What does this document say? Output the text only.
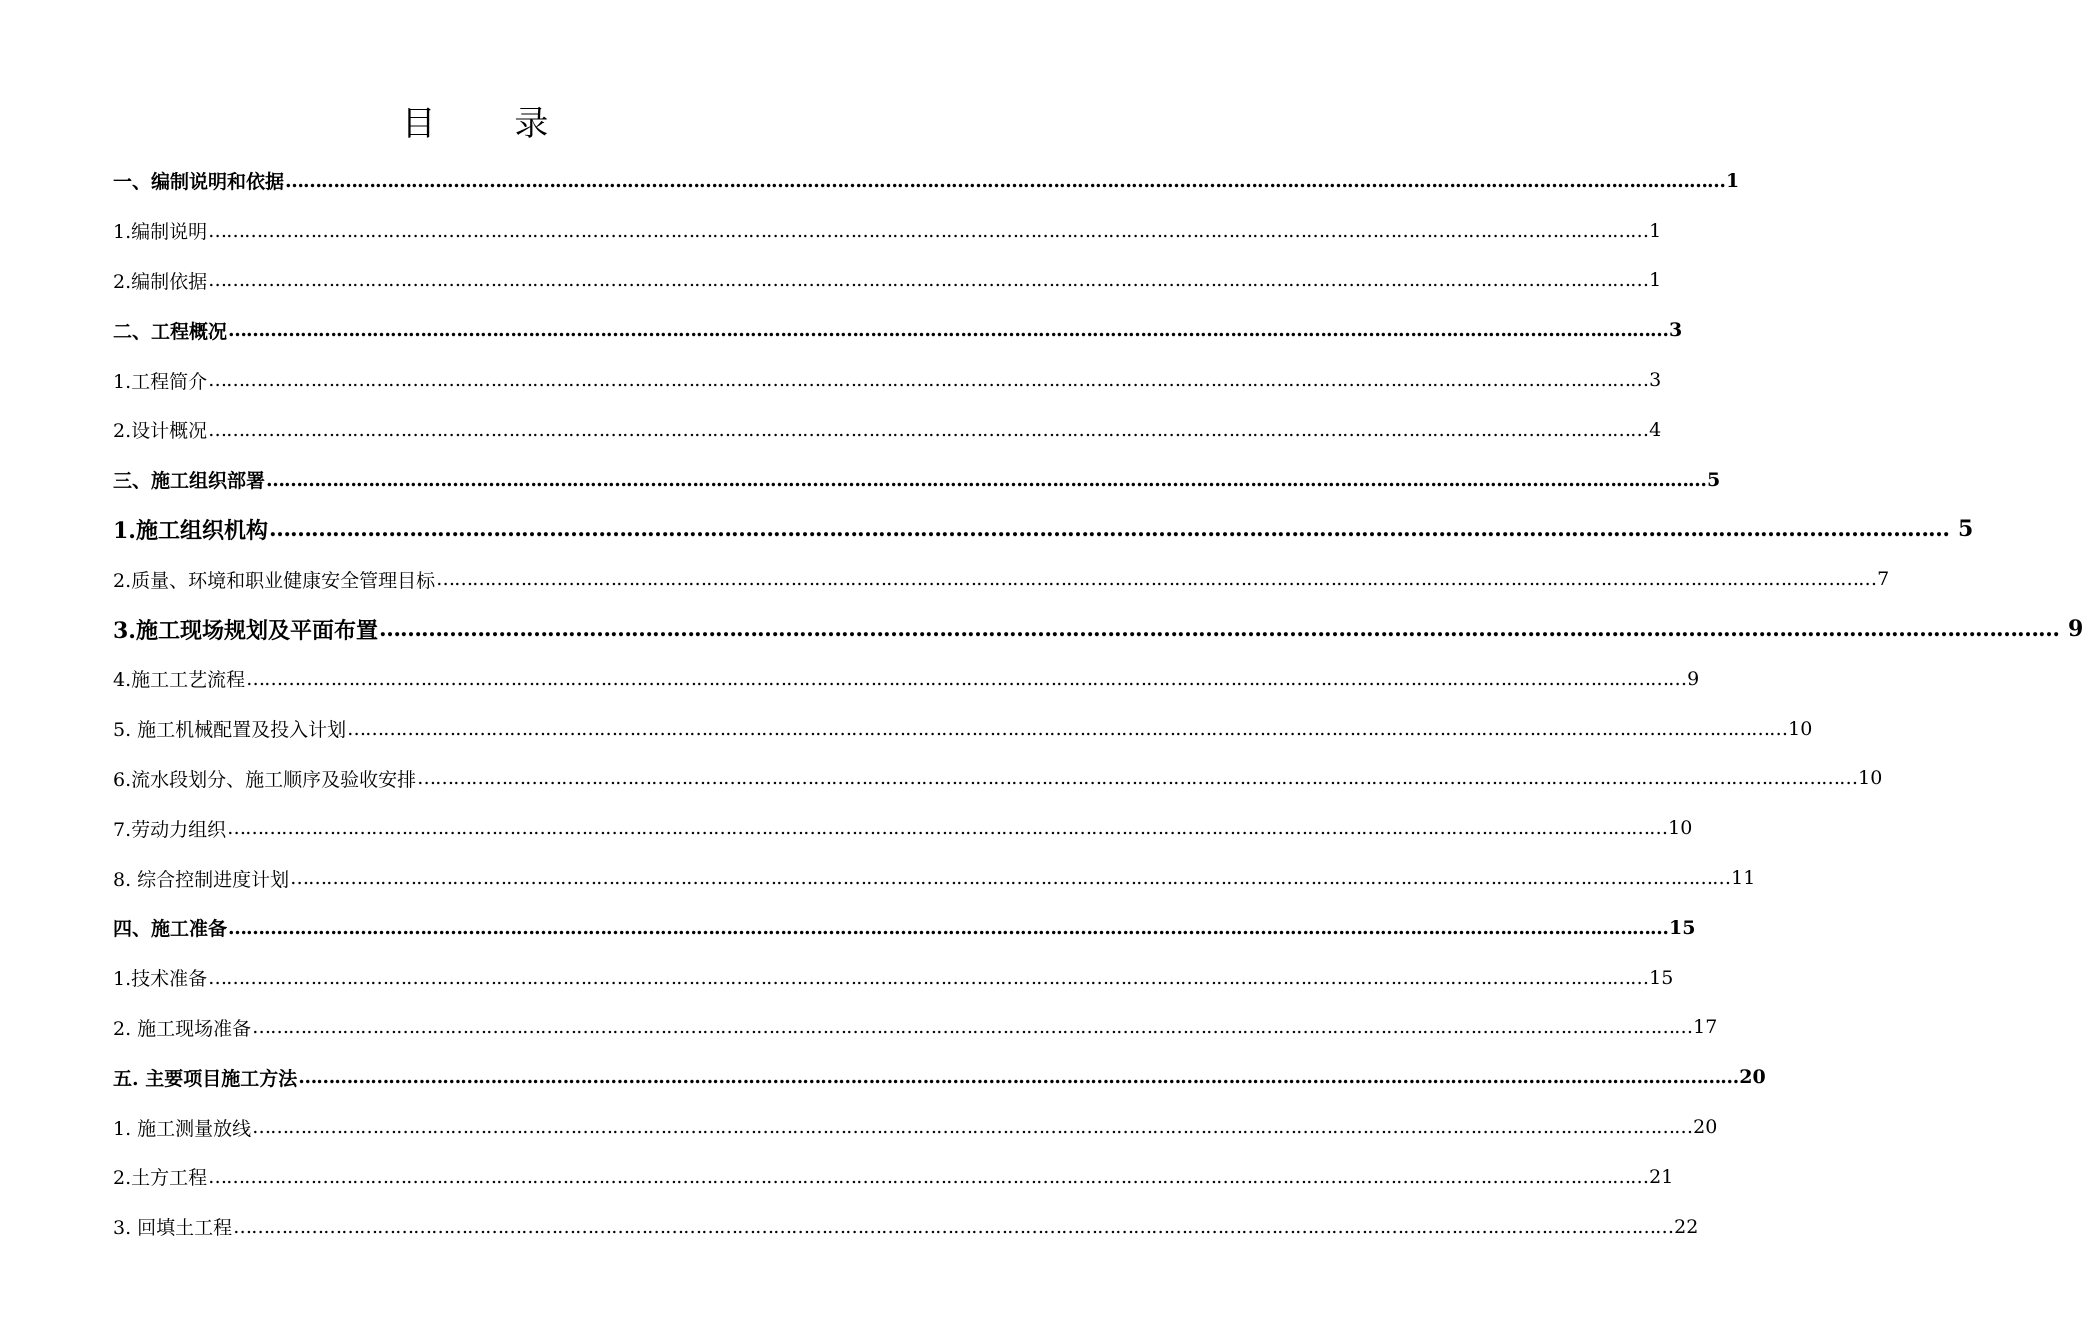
目 录
一、编制说明和依据 …………………………………………………………………………………………………………………………………………………………………………………………………………………… 1
1.编制说明 …………………………………………………………………………………………………………………………………………………………………………………………………………………… 1
2.编制依据 …………………………………………………………………………………………………………………………………………………………………………………………………………………… 1
二、工程概况 …………………………………………………………………………………………………………………………………………………………………………………………………………………… 3
1.工程简介 …………………………………………………………………………………………………………………………………………………………………………………………………………………… 3
2.设计概况 …………………………………………………………………………………………………………………………………………………………………………………………………………………… 4
三、施工组织部署 …………………………………………………………………………………………………………………………………………………………………………………………………………………… 5
1.施工组织机构 …………………………………………………………………………………………………………………………………………………………………………………………………………………… 5
2.质量、环境和职业健康安全管理目标 …………………………………………………………………………………………………………………………………………………………………………………………………………………… 7
3.施工现场规划及平面布置 …………………………………………………………………………………………………………………………………………………………………………………………………………………… 9
4.施工工艺流程 …………………………………………………………………………………………………………………………………………………………………………………………………………………… 9
5. 施工机械配置及投入计划 …………………………………………………………………………………………………………………………………………………………………………………………………………………… 10
6.流水段划分、施工顺序及验收安排 …………………………………………………………………………………………………………………………………………………………………………………………………………………… 10
7.劳动力组织 …………………………………………………………………………………………………………………………………………………………………………………………………………………… 10
8. 综合控制进度计划 …………………………………………………………………………………………………………………………………………………………………………………………………………………… 11
四、施工准备 …………………………………………………………………………………………………………………………………………………………………………………………………………………… 15
1.技术准备 …………………………………………………………………………………………………………………………………………………………………………………………………………………… 15
2. 施工现场准备 …………………………………………………………………………………………………………………………………………………………………………………………………………………… 17
五. 主要项目施工方法 …………………………………………………………………………………………………………………………………………………………………………………………………………………… 20
1. 施工测量放线 …………………………………………………………………………………………………………………………………………………………………………………………………………………… 20
2.土方工程 …………………………………………………………………………………………………………………………………………………………………………………………………………………… 21
3. 回填土工程 …………………………………………………………………………………………………………………………………………………………………………………………………………………… 22
